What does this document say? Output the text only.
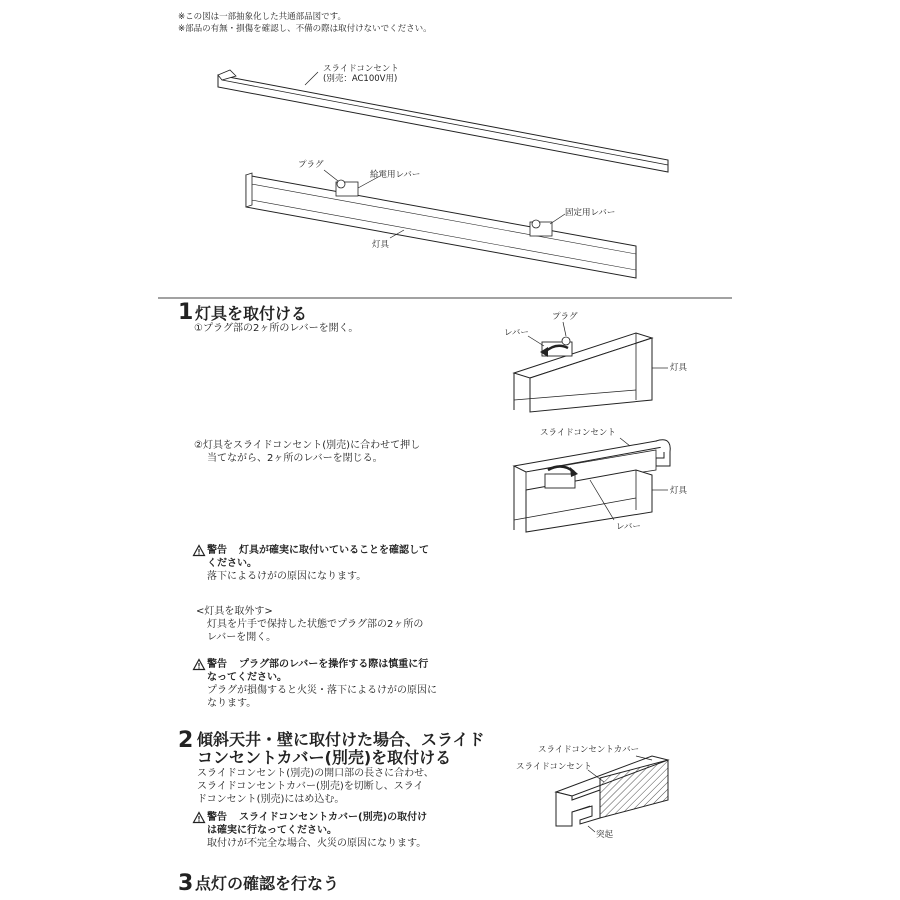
※この図は一部抽象化した共通部品図です。
※部品の有無・損傷を確認し、不備の際は取付けないでください。
スライドコンセント
(別売：AC100V用)
プラグ
給電用レバー
固定用レバー
灯具
1 灯具を取付ける
①プラグ部の2ヶ所のレバーを開く。
プラグ
レバー
灯具
②灯具をスライドコンセント(別売)に合わせて押し
当てながら、2ヶ所のレバーを閉じる。
スライドコンセント
灯具
レバー
警告 灯具が確実に取付いていることを確認して
ください。
落下によるけがの原因になります。
<灯具を取外す>
灯具を片手で保持した状態でプラグ部の2ヶ所の
レバーを開く。
警告 プラグ部のレバーを操作する際は慎重に行
なってください。
プラグが損傷すると火災・落下によるけがの原因に
なります。
2 傾斜天井・壁に取付けた場合、スライド
コンセントカバー(別売)を取付ける
スライドコンセント(別売)の開口部の長さに合わせ、
スライドコンセントカバー(別売)を切断し、スライ
ドコンセント(別売)にはめ込む。
警告 スライドコンセントカバー(別売)の取付け
は確実に行なってください。
取付けが不完全な場合、火災の原因になります。
スライドコンセントカバー
スライドコンセント
突起
3 点灯の確認を行なう
